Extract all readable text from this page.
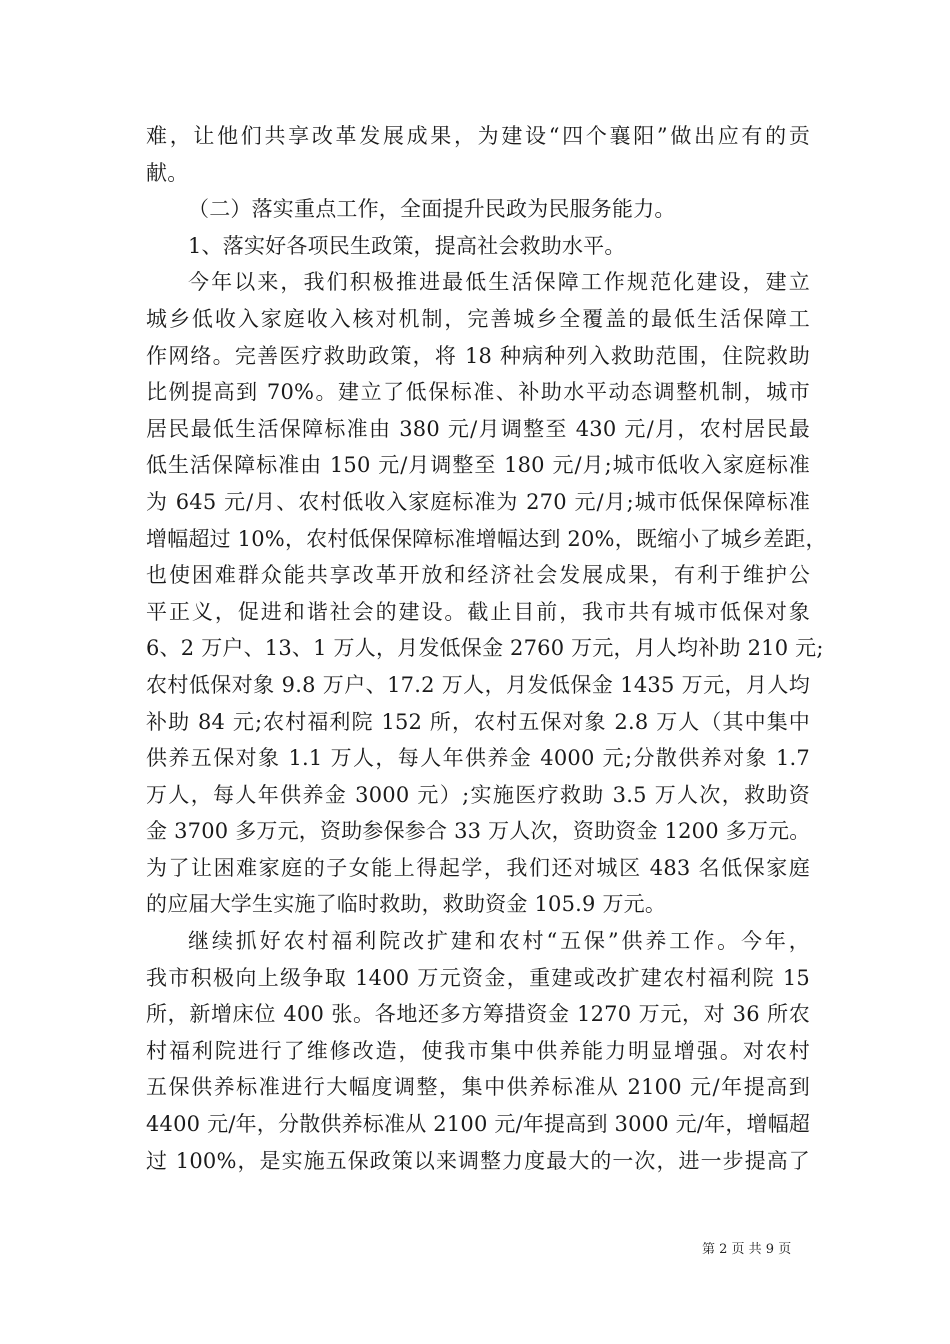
难，让他们共享改革发展成果，为建设“四个襄阳”做出应有的贡
献。
（二）落实重点工作，全面提升民政为民服务能力。
1、落实好各项民生政策，提高社会救助水平。
今年以来，我们积极推进最低生活保障工作规范化建设，建立
城乡低收入家庭收入核对机制，完善城乡全覆盖的最低生活保障工
作网络。完善医疗救助政策，将 18 种病种列入救助范围，住院救助
比例提高到 70%。建立了低保标准、补助水平动态调整机制，城市
居民最低生活保障标准由 380 元/月调整至 430 元/月，农村居民最
低生活保障标准由 150 元/月调整至 180 元/月;城市低收入家庭标准
为 645 元/月、农村低收入家庭标准为 270 元/月;城市低保保障标准
增幅超过 10%，农村低保保障标准增幅达到 20%，既缩小了城乡差距，
也使困难群众能共享改革开放和经济社会发展成果，有利于维护公
平正义，促进和谐社会的建设。截止目前，我市共有城市低保对象
6、2 万户、13、1 万人，月发低保金 2760 万元，月人均补助 210 元;
农村低保对象 9.8 万户、17.2 万人，月发低保金 1435 万元，月人均
补助 84 元;农村福利院 152 所，农村五保对象 2.8 万人（其中集中
供养五保对象 1.1 万人，每人年供养金 4000 元;分散供养对象 1.7
万人，每人年供养金 3000 元）;实施医疗救助 3.5 万人次，救助资
金 3700 多万元，资助参保参合 33 万人次，资助资金 1200 多万元。
为了让困难家庭的子女能上得起学，我们还对城区 483 名低保家庭
的应届大学生实施了临时救助，救助资金 105.9 万元。
继续抓好农村福利院改扩建和农村“五保”供养工作。今年，
我市积极向上级争取 1400 万元资金，重建或改扩建农村福利院 15
所，新增床位 400 张。各地还多方筹措资金 1270 万元，对 36 所农
村福利院进行了维修改造，使我市集中供养能力明显增强。对农村
五保供养标准进行大幅度调整，集中供养标准从 2100 元/年提高到
4400 元/年，分散供养标准从 2100 元/年提高到 3000 元/年，增幅超
过 100%，是实施五保政策以来调整力度最大的一次，进一步提高了
第 2 页 共 9 页
